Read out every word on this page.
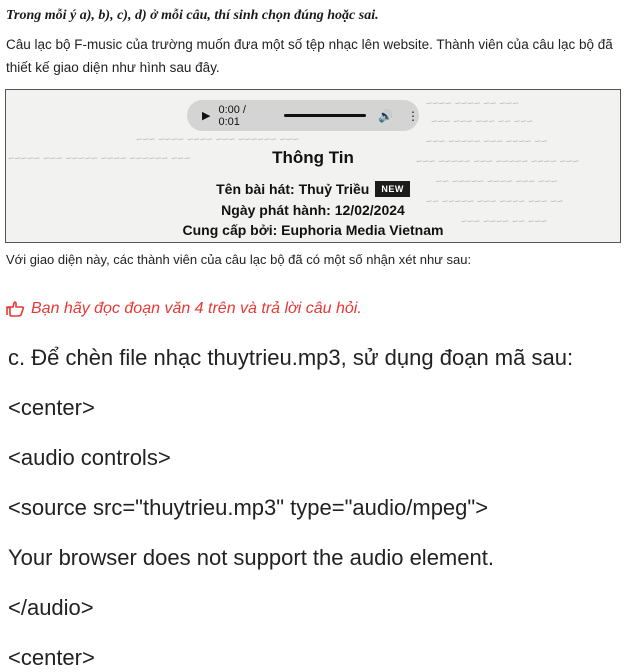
Trong mỗi ý a), b), c), d) ở mỗi câu, thí sinh chọn đúng hoặc sai.
Câu lạc bộ F-music của trường muốn đưa một số tệp nhạc lên website. Thành viên của câu lạc bộ đã thiết kế giao diện như hình sau đây.
~~~ ~~ ~~~~ ~~~~
~~~ ~~ ~~~ ~~~ ~~~
~~~ ~~~~~~ ~~~ ~~~~ ~~~~ ~~~	~~ ~~~~ ~~~ ~~~~~ ~~~
~~~ ~~~~~~ ~~~~ ~~~~~ ~~~ ~~~~~	~~~ ~~~~ ~~~~~ ~~~ ~~~~~ ~~~
~~~ ~~~ ~~~~ ~~~~~ ~~
~~ ~~~ ~~~~ ~~~ ~~~~~ ~~
~~~ ~~ ~~~~ ~~~
▶
0:00 / 0:01	🔊 ⋮
Thông Tin
Tên bài hát: Thuỷ Triều NEW
Ngày phát hành: 12/02/2024
Cung cấp bởi: Euphoria Media Vietnam
Với giao diện này, các thành viên của câu lạc bộ đã có một số nhận xét như sau:
Bạn hãy đọc đoạn văn 4 trên và trả lời câu hỏi.
c. Để chèn file nhạc thuytrieu.mp3, sử dụng đoạn mã sau:
<center>
<audio controls>
<source src="thuytrieu.mp3" type="audio/mpeg">
Your browser does not support the audio element.
</audio>
<center>
